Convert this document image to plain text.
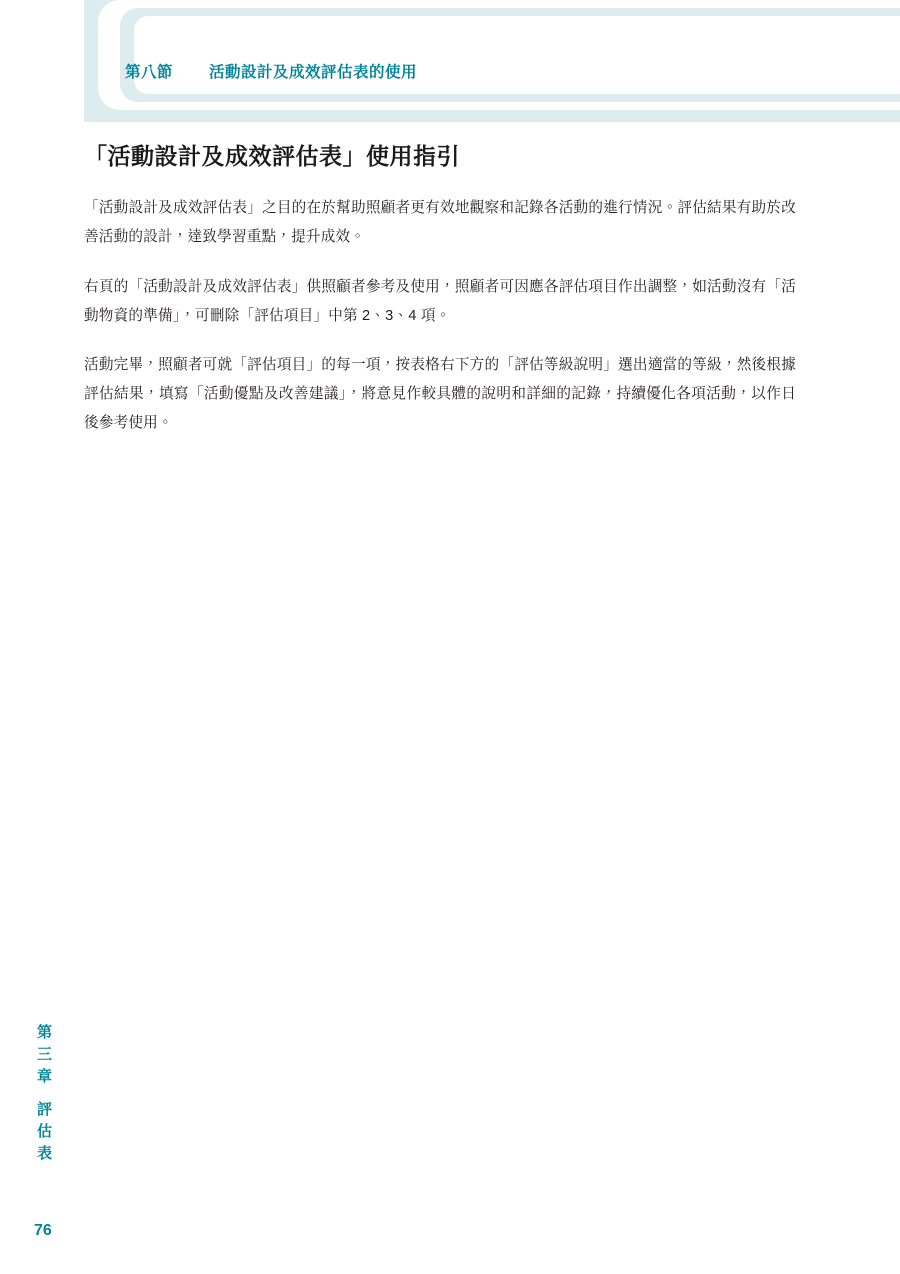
第八節 活動設計及成效評估表的使用
「活動設計及成效評估表」使用指引

「活動設計及成效評估表」之目的在於幫助照顧者更有效地觀察和記錄各活動的進行情況。評估結果有助於改善活動的設計，達致學習重點，提升成效。

右頁的「活動設計及成效評估表」供照顧者參考及使用，照顧者可因應各評估項目作出調整，如活動沒有「活動物資的準備」，可刪除「評估項目」中第 2、3、4 項。

活動完畢，照顧者可就「評估項目」的每一項，按表格右下方的「評估等級說明」選出適當的等級，然後根據評估結果，填寫「活動優點及改善建議」，將意見作較具體的說明和詳細的記錄，持續優化各項活動，以作日後參考使用。

第三章
評估表
76
